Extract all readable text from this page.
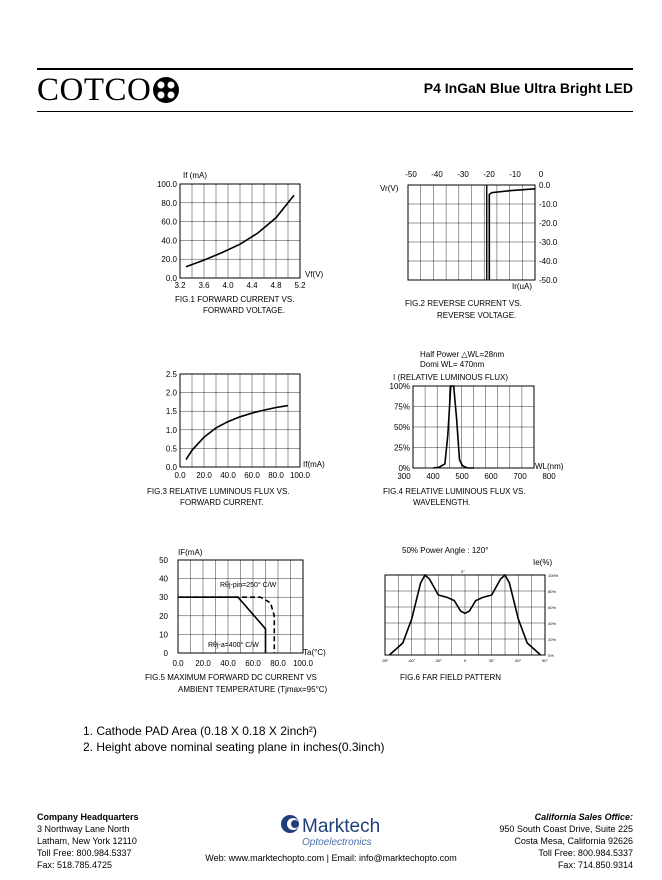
COTCO	P4 InGaN Blue Ultra Bright LED
100.0
80.0
60.0
40.0
20.0
0.0
3.2 3.6 4.0 4.4 4.8 5.2
If (mA)
Vf(V)
FIG.1 FORWARD CURRENT VS.
FORWARD VOLTAGE.
-50 -40 -30 -20 -10 0
0.0
-10.0
-20.0
-30.0
-40.0
-50.0
Vr(V)
Ir(uA)
FIG.2 REVERSE CURRENT VS.
REVERSE VOLTAGE.
2.5
2.0
1.5
1.0
0.5
0.0
0.0 20.0 40.0 60.0 80.0 100.0
If(mA)
FIG.3 RELATIVE LUMINOUS FLUX VS.
FORWARD CURRENT.
100%
75%
50%
25%
0%
300 400 500 600 700 800
Half Power △WL=28nm
Domi WL= 470nm
I (RELATIVE LUMINOUS FLUX)
WL(nm)
FIG.4 RELATIVE LUMINOUS FLUX VS.
WAVELENGTH.
50
40
30
20
10
0
0.0 20.0 40.0 60.0 80.0 100.0
IF(mA)
Ta(°C)
Rθj-pin=250° C/W
Rθj-a=400° C/W
FIG.5 MAXIMUM FORWARD DC CURRENT VS
AMBIENT TEMPERATURE (Tjmax=95°C)
100%
80%
60%
40%
20%
0%
-90°	-60°	-30°	0	30°	60°	90°
50% Power Angle : 120°
Ie(%)
0°
FIG.6 FAR FIELD PATTERN
1. Cathode PAD Area (0.18 X 0.18 X 2inch²)
2. Height above nominal seating plane in inches(0.3inch)
Company Headquarters
3 Northway Lane North
Latham, New York 12110
Toll Free: 800.984.5337
Fax: 518.785.4725
Marktech
Optoelectronics
California Sales Office:
950 South Coast Drive, Suite 225
Costa Mesa, California 92626
Toll Free: 800.984.5337
Fax: 714.850.9314
Web: www.marktechopto.com | Email: info@marktechopto.com
